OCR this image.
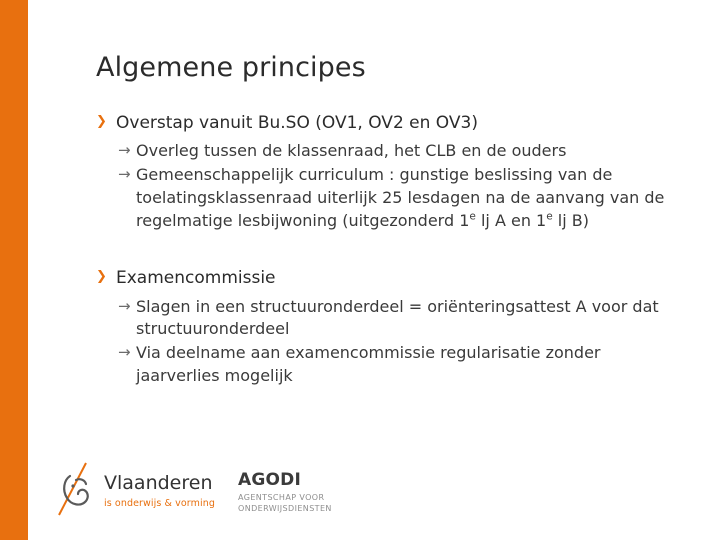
Algemene principes
❯ Overstap vanuit Bu.SO (OV1, OV2 en OV3)
→ Overleg tussen de klassenraad, het CLB en de ouders
→ Gemeenschappelijk curriculum : gunstige beslissing van de toelatingsklassenraad uiterlijk 25 lesdagen na de aanvang van de regelmatige lesbijwoning (uitgezonderd 1e lj A en 1e lj B)
❯ Examencommissie
→ Slagen in een structuuronderdeel = oriënteringsattest A voor dat structuuronderdeel
→ Via deelname aan examencommissie regularisatie zonder jaarverlies mogelijk
Vlaanderen
is onderwijs & vorming
AGODI
AGENTSCHAP VOOR
ONDERWIJSDIENSTEN
